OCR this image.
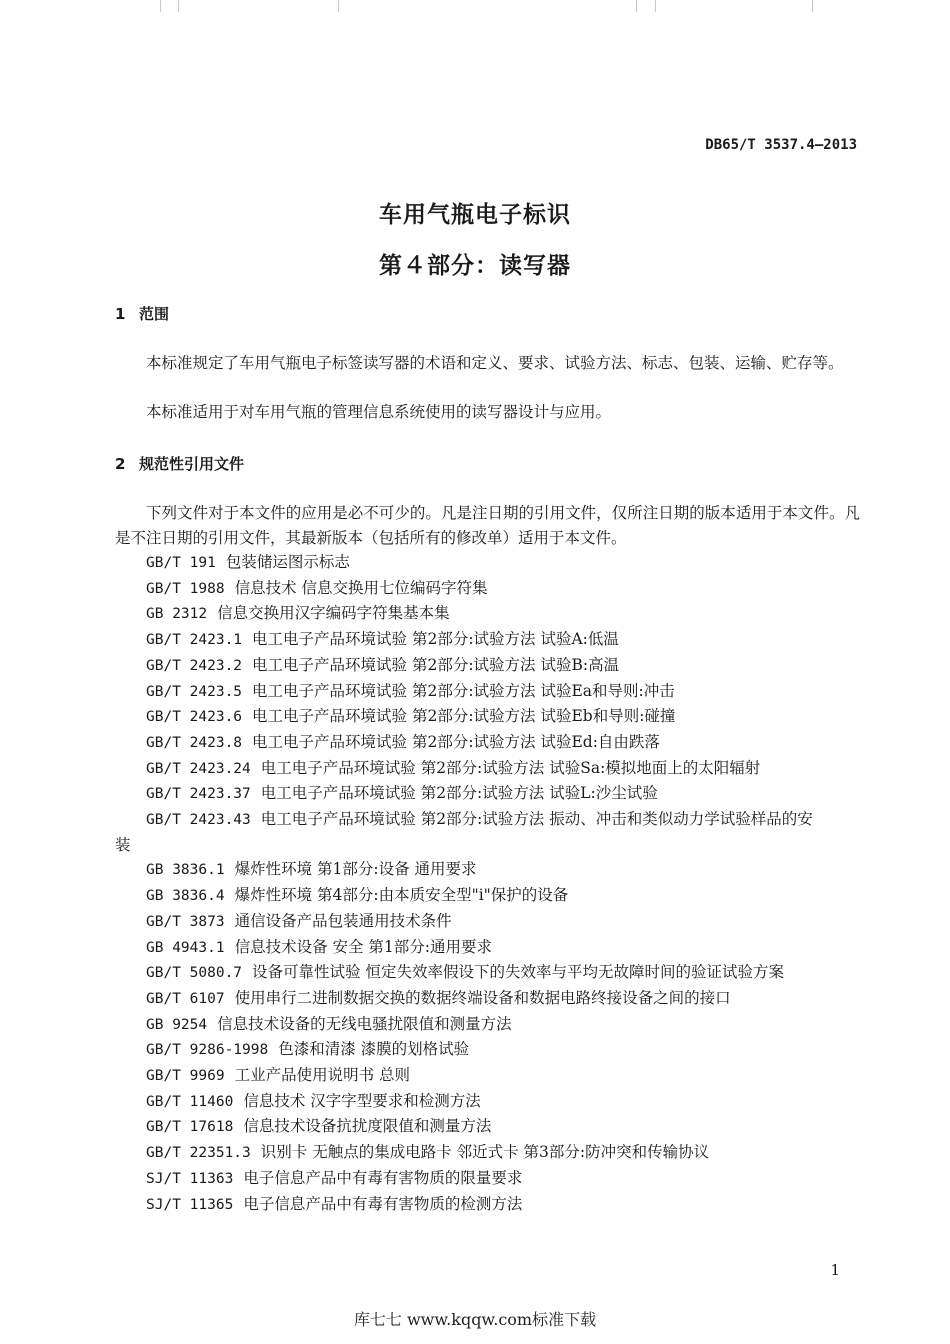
DB65/T 3537.4—2013
车用气瓶电子标识
第４部分：读写器
1 范围
本标准规定了车用气瓶电子标签读写器的术语和定义、要求、试验方法、标志、包装、运输、贮存等。
本标准适用于对车用气瓶的管理信息系统使用的读写器设计与应用。
2 规范性引用文件
下列文件对于本文件的应用是必不可少的。凡是注日期的引用文件，仅所注日期的版本适用于本文件。凡是不注日期的引用文件，其最新版本（包括所有的修改单）适用于本文件。
GB/T 191 包装储运图示标志
GB/T 1988 信息技术 信息交换用七位编码字符集
GB 2312 信息交换用汉字编码字符集基本集
GB/T 2423.1 电工电子产品环境试验 第2部分:试验方法 试验A:低温
GB/T 2423.2 电工电子产品环境试验 第2部分:试验方法 试验B:高温
GB/T 2423.5 电工电子产品环境试验 第2部分:试验方法 试验Ea和导则:冲击
GB/T 2423.6 电工电子产品环境试验 第2部分:试验方法 试验Eb和导则:碰撞
GB/T 2423.8 电工电子产品环境试验 第2部分:试验方法 试验Ed:自由跌落
GB/T 2423.24 电工电子产品环境试验 第2部分:试验方法 试验Sa:模拟地面上的太阳辐射
GB/T 2423.37 电工电子产品环境试验 第2部分:试验方法 试验L:沙尘试验
GB/T 2423.43 电工电子产品环境试验 第2部分:试验方法 振动、冲击和类似动力学试验样品的安
装
GB 3836.1 爆炸性环境 第1部分:设备 通用要求
GB 3836.4 爆炸性环境 第4部分:由本质安全型"i"保护的设备
GB/T 3873 通信设备产品包装通用技术条件
GB 4943.1 信息技术设备 安全 第1部分:通用要求
GB/T 5080.7 设备可靠性试验 恒定失效率假设下的失效率与平均无故障时间的验证试验方案
GB/T 6107 使用串行二进制数据交换的数据终端设备和数据电路终接设备之间的接口
GB 9254 信息技术设备的无线电骚扰限值和测量方法
GB/T 9286-1998 色漆和清漆 漆膜的划格试验
GB/T 9969 工业产品使用说明书 总则
GB/T 11460 信息技术 汉字字型要求和检测方法
GB/T 17618 信息技术设备抗扰度限值和测量方法
GB/T 22351.3 识别卡 无触点的集成电路卡 邻近式卡 第3部分:防冲突和传输协议
SJ/T 11363 电子信息产品中有毒有害物质的限量要求
SJ/T 11365 电子信息产品中有毒有害物质的检测方法
1
库七七 www.kqqw.com标准下载
